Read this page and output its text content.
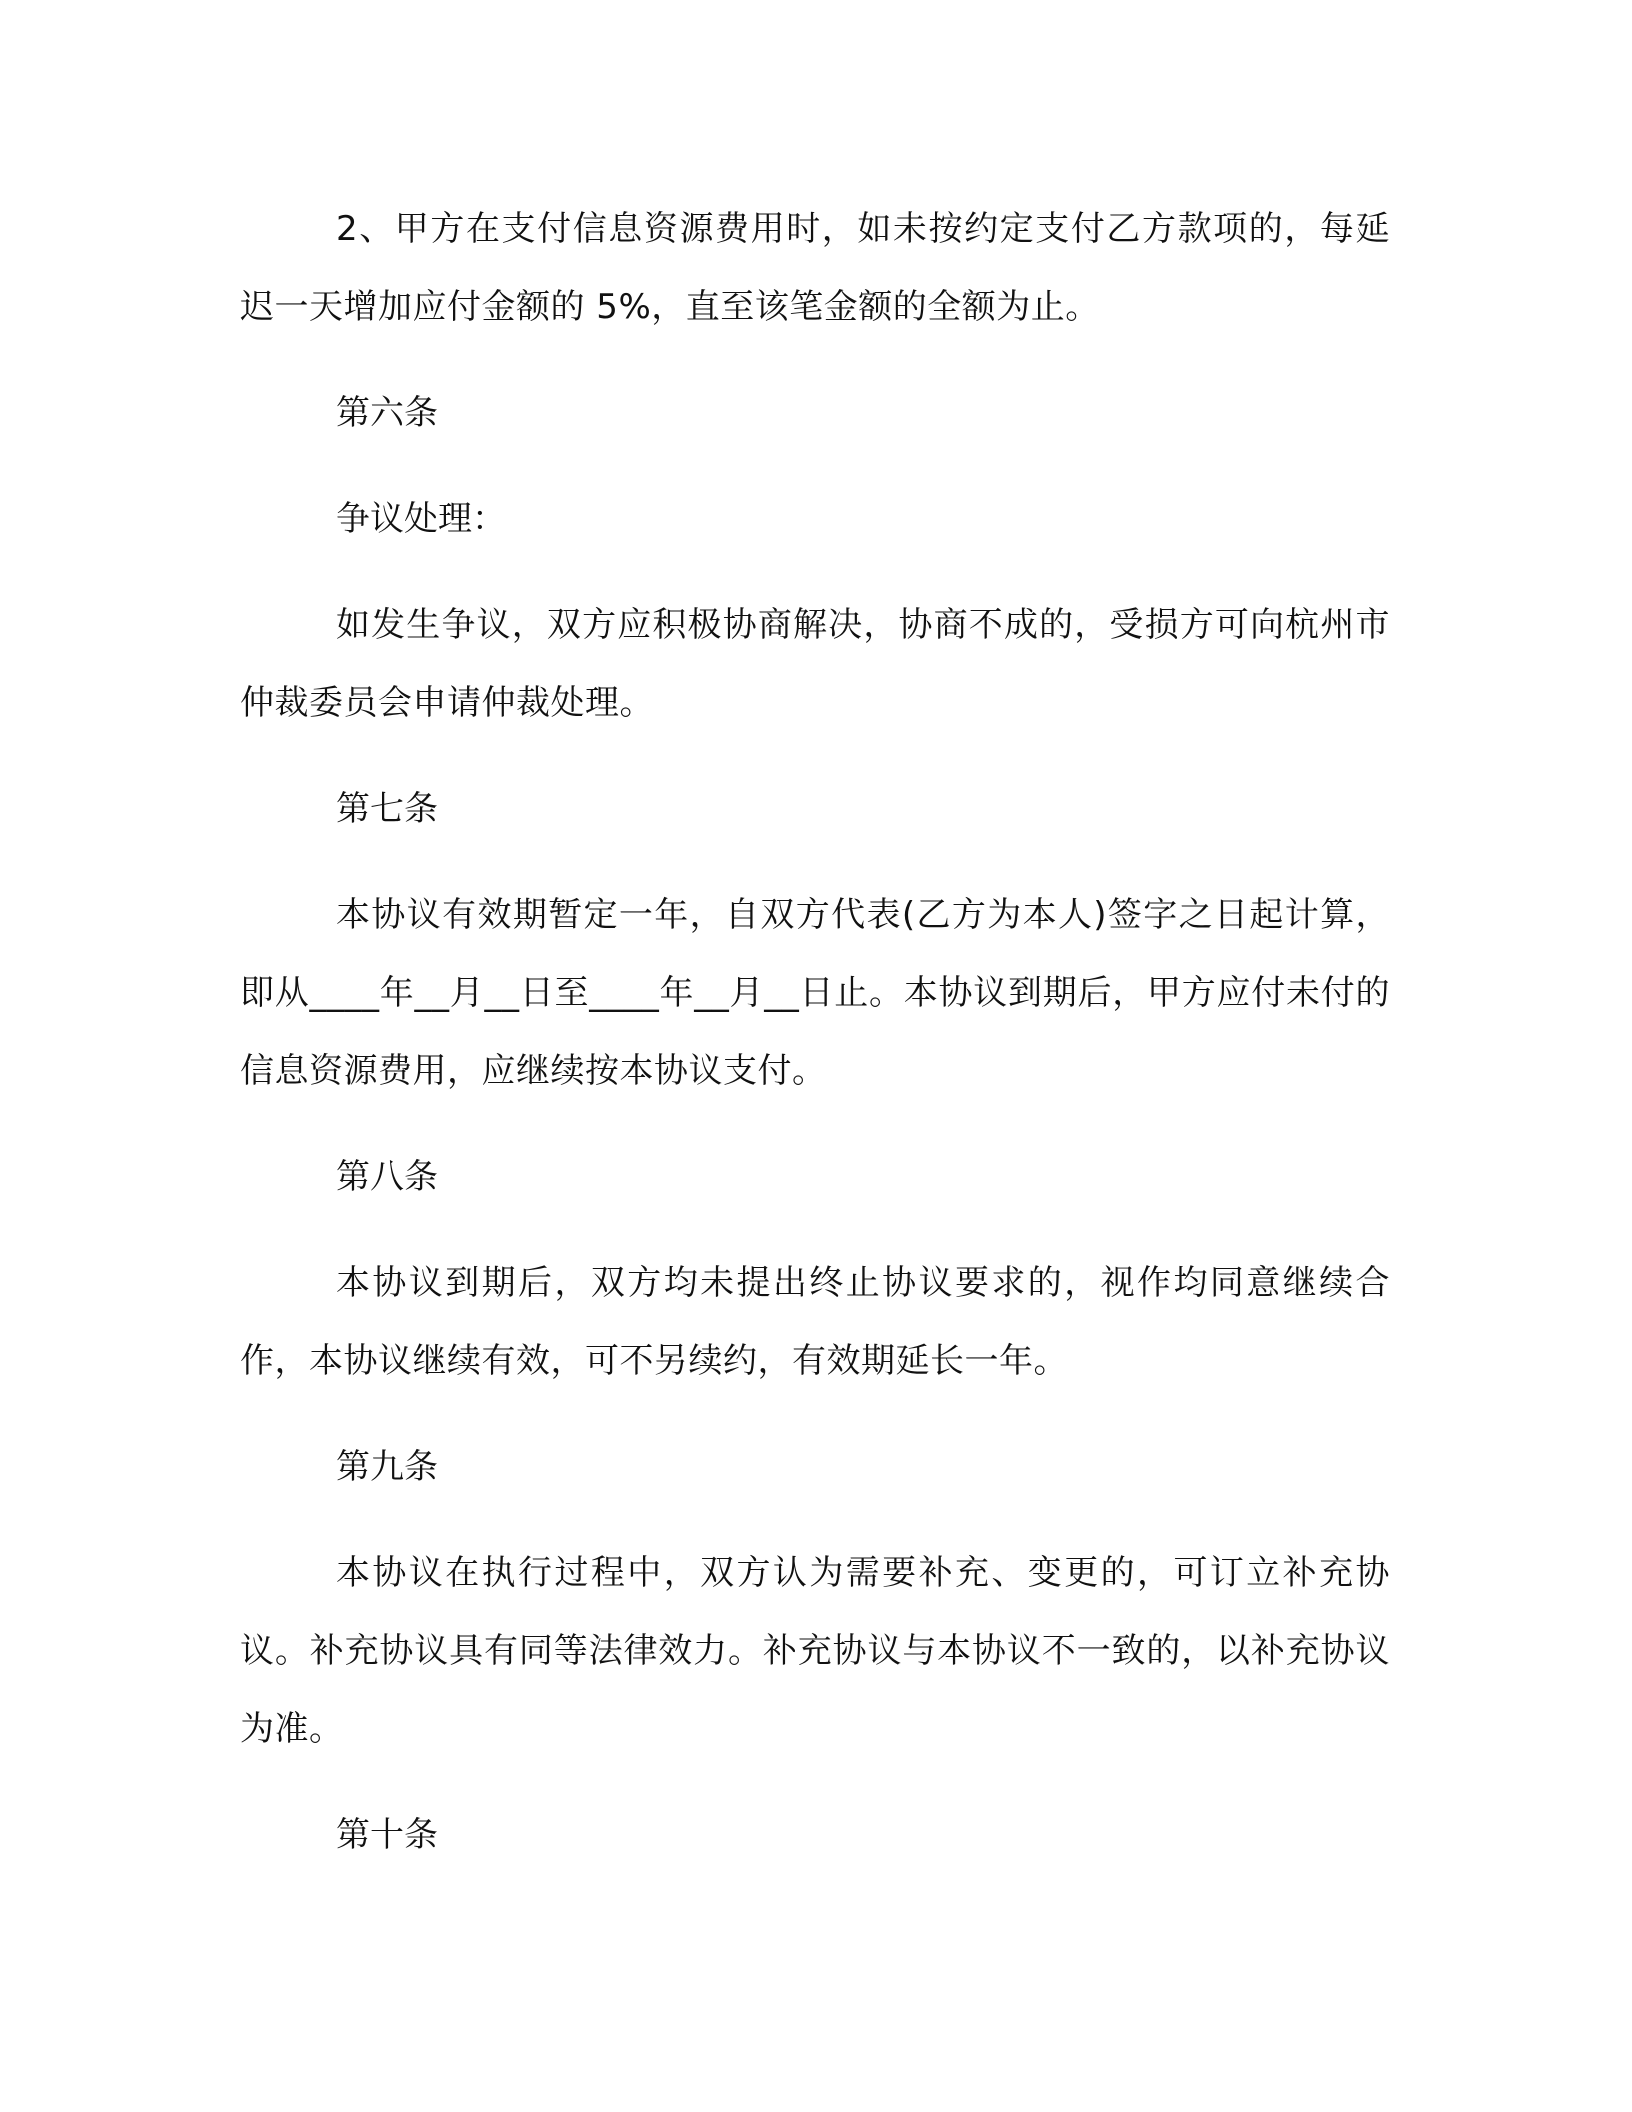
2、甲方在支付信息资源费用时，如未按约定支付乙方款项的，每延迟一天增加应付金额的 5%，直至该笔金额的全额为止。

第六条

争议处理：

如发生争议，双方应积极协商解决，协商不成的，受损方可向杭州市仲裁委员会申请仲裁处理。

第七条

本协议有效期暂定一年，自双方代表(乙方为本人)签字之日起计算，即从____年__月__日至____年__月__日止。本协议到期后，甲方应付未付的信息资源费用，应继续按本协议支付。

第八条

本协议到期后，双方均未提出终止协议要求的，视作均同意继续合作，本协议继续有效，可不另续约，有效期延长一年。

第九条

本协议在执行过程中，双方认为需要补充、变更的，可订立补充协议。补充协议具有同等法律效力。补充协议与本协议不一致的，以补充协议为准。

第十条
